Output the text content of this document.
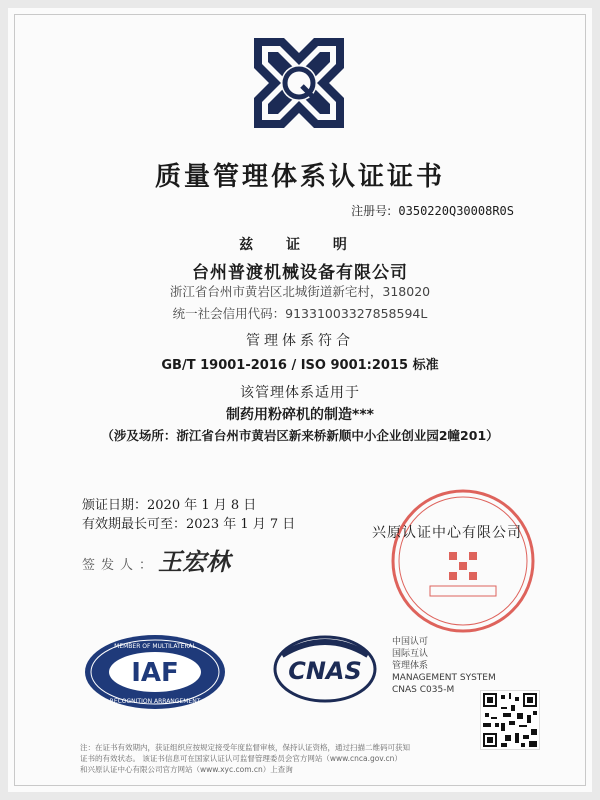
质量管理体系认证证书
注册号: 0350220Q30008R0S
兹 证 明
台州普渡机械设备有限公司
浙江省台州市黄岩区北城街道新宅村，318020
统一社会信用代码：91331003327858594L
管理体系符合
GB/T 19001-2016 / ISO 9001:2015 标准
该管理体系适用于
制药用粉碎机的制造***
（涉及场所：浙江省台州市黄岩区新来桥新顺中小企业创业园2幢201）
颁证日期：2020 年 1 月 8 日
有效期最长可至：2023 年 1 月 7 日
签发人： 王宏林
兴原认证中心有限公司
IAF
MEMBER OF MULTILATERAL
RECOGNITION ARRANGEMENT
CNAS
中国认可
国际互认
管理体系
MANAGEMENT SYSTEM
CNAS C035-M
注：在证书有效期内，获证组织应按规定接受年度监督审核，保持认证资格，通过扫描二维码可获知
证书的有效状态。 该证书信息可在国家认证认可监督管理委员会官方网站（www.cnca.gov.cn）
和兴原认证中心有限公司官方网站（www.xyc.com.cn）上查询
